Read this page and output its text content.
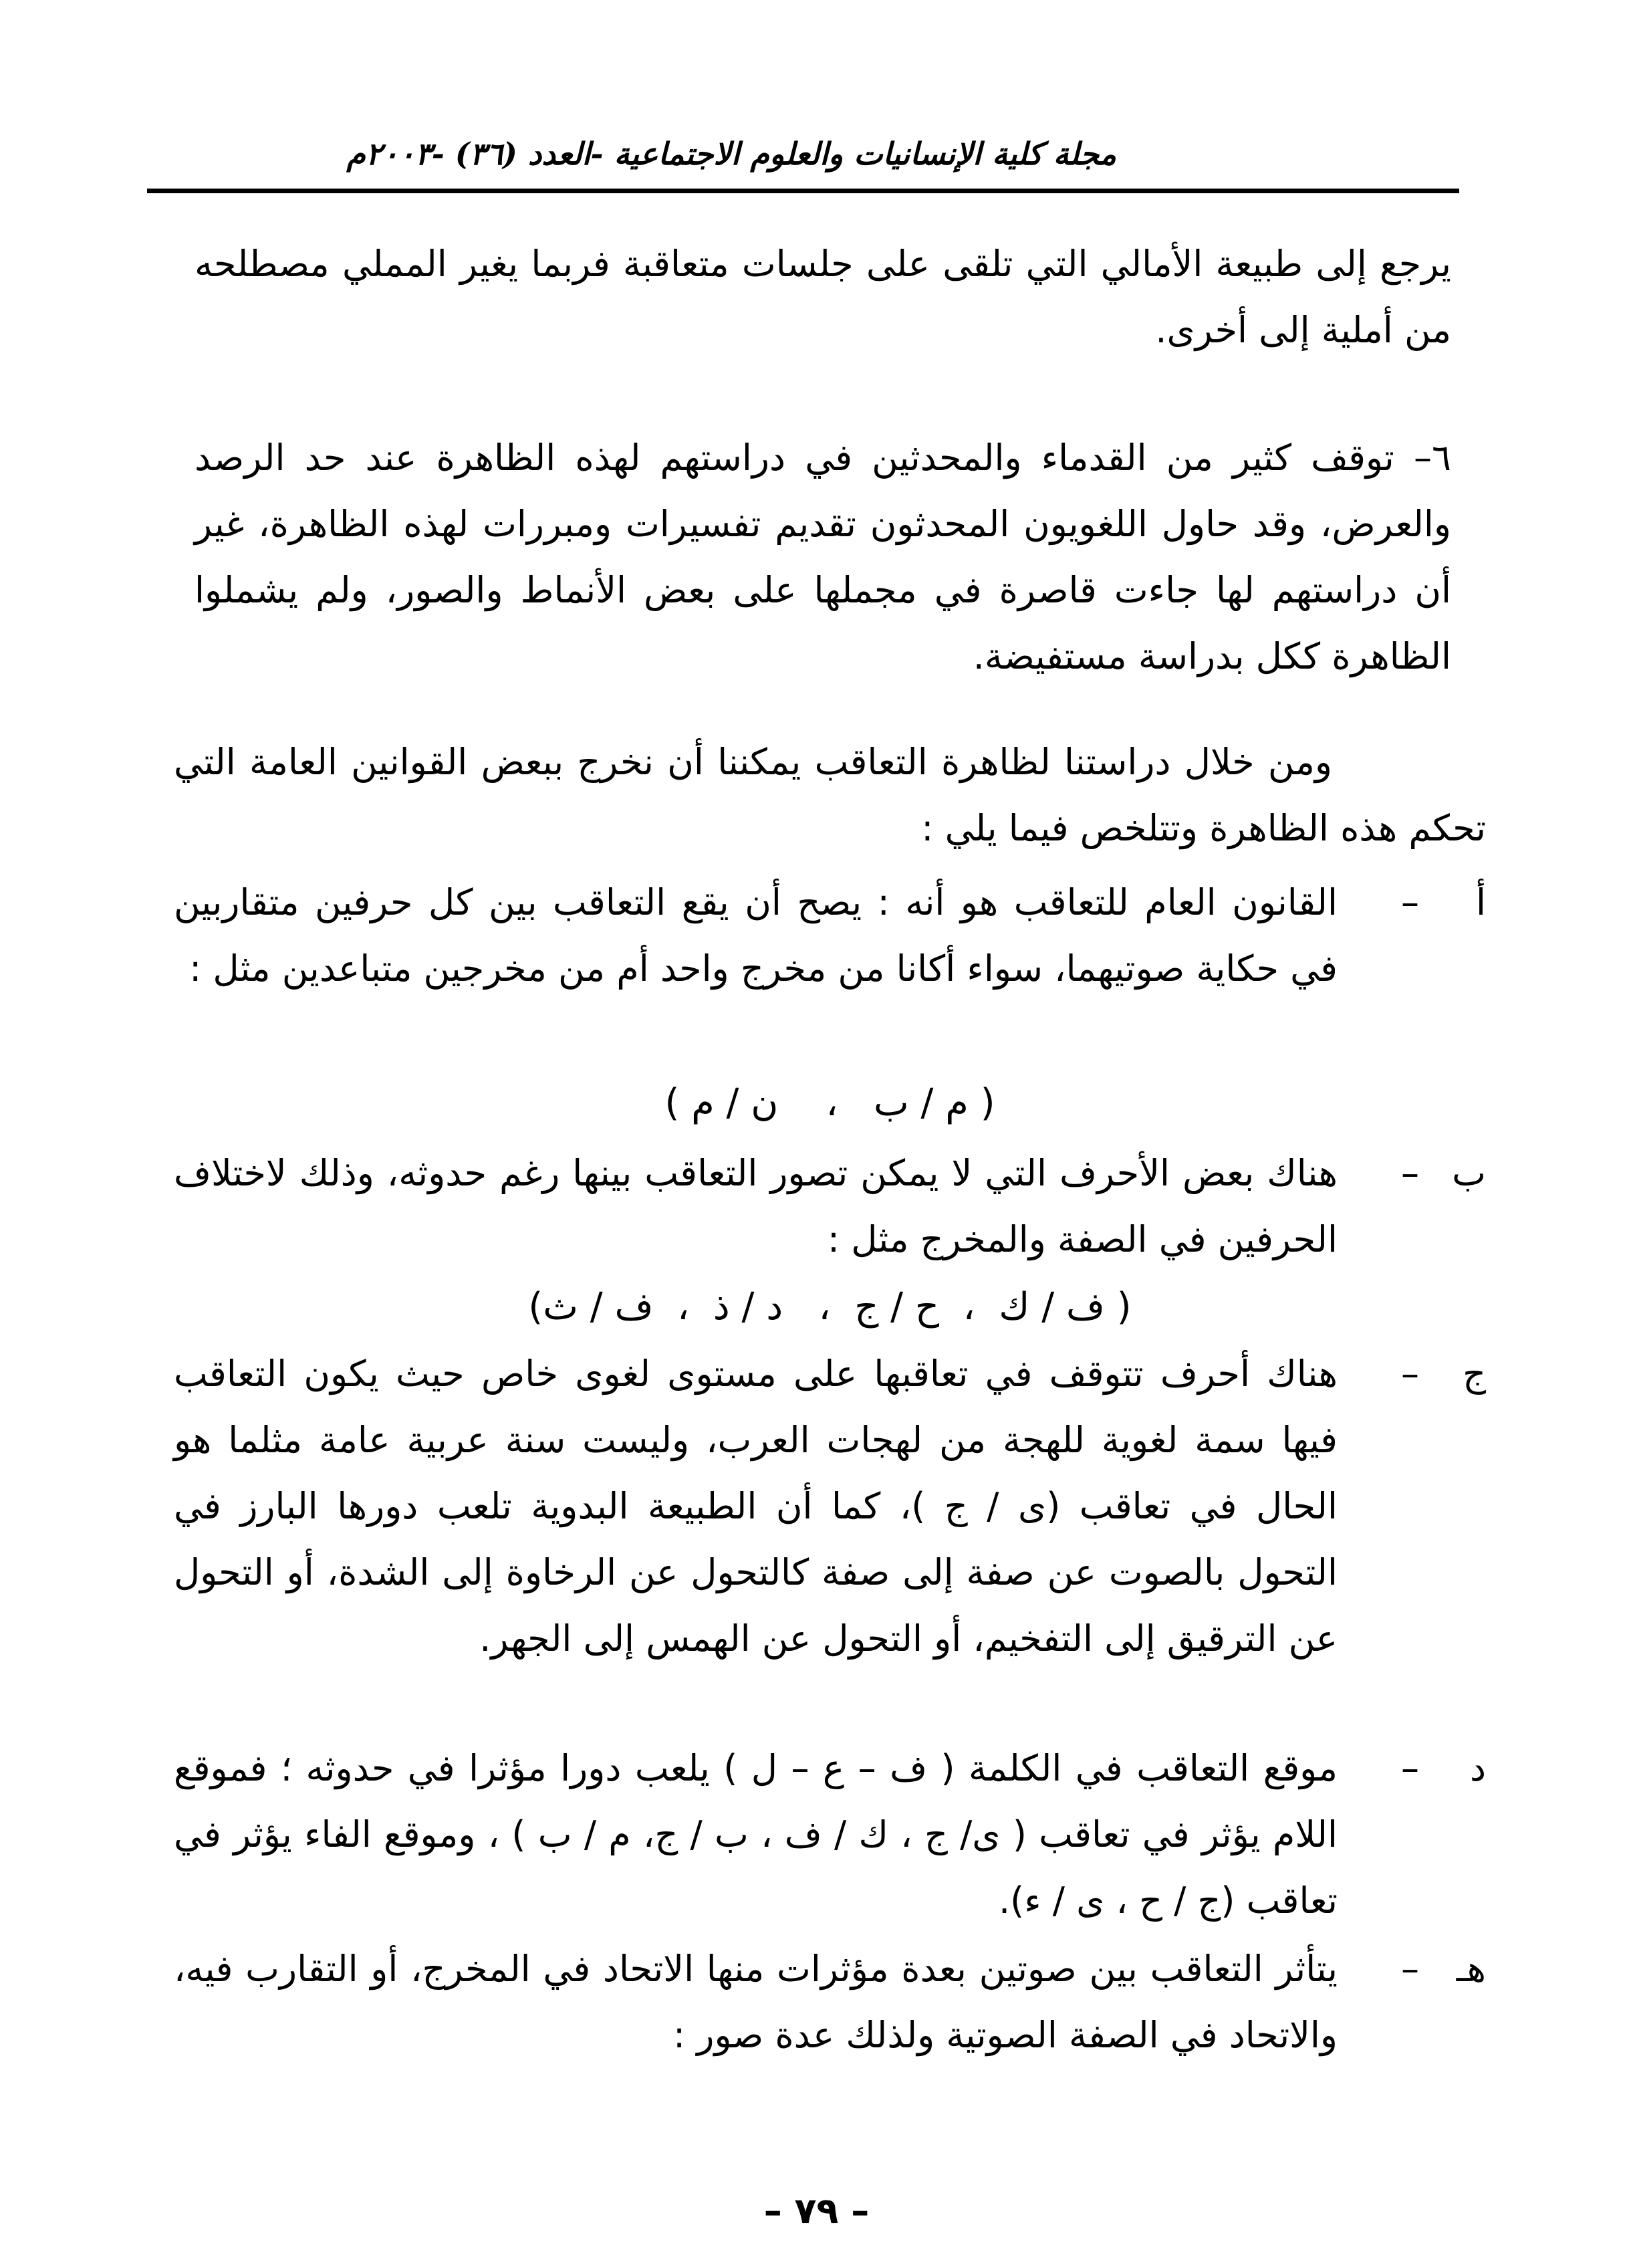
مجلة كلية الإنسانيات والعلوم الاجتماعية -العدد (٣٦) -٢٠٠٣م

يرجع إلى طبيعة الأمالي التي تلقى على جلسات متعاقبة فربما يغير المملي مصطلحه من أملية إلى أخرى.

٦– توقف كثير من القدماء والمحدثين في دراستهم لهذه الظاهرة عند حد الرصد والعرض، وقد حاول اللغويون المحدثون تقديم تفسيرات ومبررات لهذه الظاهرة، غير أن دراستهم لها جاءت قاصرة في مجملها على بعض الأنماط والصور، ولم يشملوا الظاهرة ككل بدراسة مستفيضة.

ومن خلال دراستنا لظاهرة التعاقب يمكننا أن نخرج ببعض القوانين العامة التي تحكم هذه الظاهرة وتتلخص فيما يلي :

أ
–

القانون العام للتعاقب هو أنه : يصح أن يقع التعاقب بين كل حرفين متقاربين في حكاية صوتيهما، سواء أكانا من مخرج واحد أم من مخرجين متباعدين مثل :

( م / ب   ،    ن / م )
ب
–

هناك بعض الأحرف التي لا يمكن تصور التعاقب بينها رغم حدوثه، وذلك لاختلاف الحرفين في الصفة والمخرج مثل :

( ف / ك  ،  ح / ج  ،   د / ذ  ،  ف / ث)
ج
–

هناك أحرف تتوقف في تعاقبها على مستوى لغوى خاص حيث يكون التعاقب فيها سمة لغوية للهجة من لهجات العرب، وليست سنة عربية عامة مثلما هو الحال في تعاقب (ى / ج )، كما أن الطبيعة البدوية تلعب دورها البارز في التحول بالصوت عن صفة إلى صفة كالتحول عن الرخاوة إلى الشدة، أو التحول عن الترقيق إلى التفخيم، أو التحول عن الهمس إلى الجهر.

د
–

موقع التعاقب في الكلمة ( ف – ع – ل ) يلعب دورا مؤثرا في حدوثه ؛ فموقع اللام يؤثر في تعاقب ( ى/ ج ، ك / ف ، ب / ج، م / ب ) ، وموقع الفاء يؤثر في تعاقب (ج / ح ، ى / ء).

هـ
–

يتأثر التعاقب بين صوتين بعدة مؤثرات منها الاتحاد في المخرج، أو التقارب فيه، والاتحاد في الصفة الصوتية ولذلك عدة صور :

– ٧٩ –
